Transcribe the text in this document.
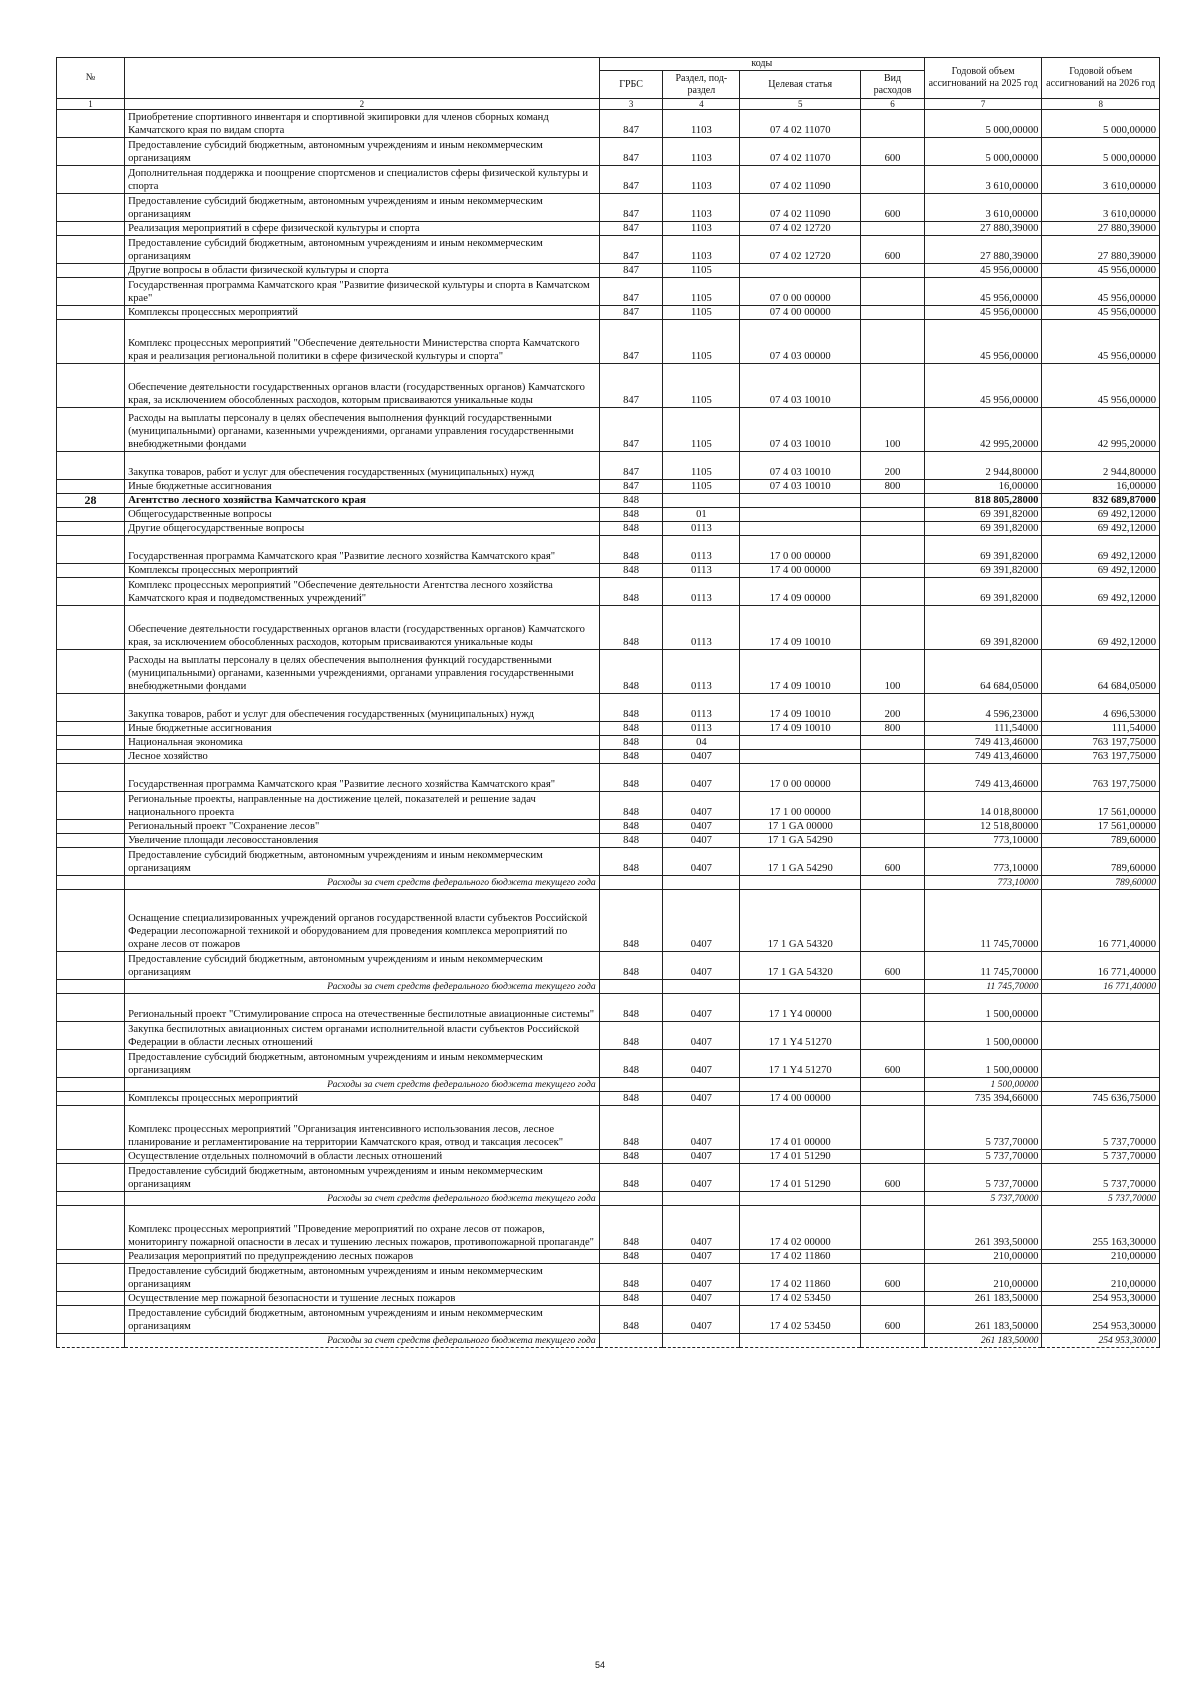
№		коды				Годовой объем ассигнований на 2025 год	Годовой объем ассигнований на 2026 год
		ГРБС	Раздел, под-раздел	Целевая статья	Вид расходов		
1	2	3	4	5	6	7	8
	Приобретение спортивного инвентаря и спортивной экипировки для членов сборных команд Камчатского края по видам спорта	847	1103	07 4 02 11070		5 000,00000	5 000,00000
	Предоставление субсидий бюджетным, автономным учреждениям и иным некоммерческим организациям	847	1103	07 4 02 11070	600	5 000,00000	5 000,00000
	Дополнительная поддержка и поощрение спортсменов и специалистов сферы физической культуры и спорта	847	1103	07 4 02 11090		3 610,00000	3 610,00000
	Предоставление субсидий бюджетным, автономным учреждениям и иным некоммерческим организациям	847	1103	07 4 02 11090	600	3 610,00000	3 610,00000
	Реализация мероприятий в сфере физической культуры и спорта	847	1103	07 4 02 12720		27 880,39000	27 880,39000
	Предоставление субсидий бюджетным, автономным учреждениям и иным некоммерческим организациям	847	1103	07 4 02 12720	600	27 880,39000	27 880,39000
	Другие вопросы в области физической культуры и спорта	847	1105			45 956,00000	45 956,00000
	Государственная программа Камчатского края "Развитие физической культуры и спорта в Камчатском крае"	847	1105	07 0 00 00000		45 956,00000	45 956,00000
	Комплексы процессных мероприятий	847	1105	07 4 00 00000		45 956,00000	45 956,00000
	Комплекс процессных мероприятий "Обеспечение деятельности Министерства спорта Камчатского края и реализация региональной политики в сфере физической культуры и спорта"	847	1105	07 4 03 00000		45 956,00000	45 956,00000
	Обеспечение деятельности государственных органов власти (государственных органов) Камчатского края, за исключением обособленных расходов, которым присваиваются уникальные коды	847	1105	07 4 03 10010		45 956,00000	45 956,00000
	Расходы на выплаты персоналу в целях обеспечения выполнения функций государственными (муниципальными) органами, казенными учреждениями, органами управления государственными внебюджетными фондами	847	1105	07 4 03 10010	100	42 995,20000	42 995,20000
	Закупка товаров, работ и услуг для обеспечения государственных (муниципальных) нужд	847	1105	07 4 03 10010	200	2 944,80000	2 944,80000
	Иные бюджетные ассигнования	847	1105	07 4 03 10010	800	16,00000	16,00000
28	Агентство лесного хозяйства Камчатского края	848				818 805,28000	832 689,87000
	Общегосударственные вопросы	848	01			69 391,82000	69 492,12000
	Другие общегосударственные вопросы	848	0113			69 391,82000	69 492,12000
	Государственная программа Камчатского края "Развитие лесного хозяйства Камчатского края"	848	0113	17 0 00 00000		69 391,82000	69 492,12000
	Комплексы процессных мероприятий	848	0113	17 4 00 00000		69 391,82000	69 492,12000
	Комплекс процессных мероприятий "Обеспечение деятельности Агентства лесного хозяйства Камчатского края и подведомственных учреждений"	848	0113	17 4 09 00000		69 391,82000	69 492,12000
	Обеспечение деятельности государственных органов власти (государственных органов) Камчатского края, за исключением обособленных расходов, которым присваиваются уникальные коды	848	0113	17 4 09 10010		69 391,82000	69 492,12000
	Расходы на выплаты персоналу в целях обеспечения выполнения функций государственными (муниципальными) органами, казенными учреждениями, органами управления государственными внебюджетными фондами	848	0113	17 4 09 10010	100	64 684,05000	64 684,05000
	Закупка товаров, работ и услуг для обеспечения государственных (муниципальных) нужд	848	0113	17 4 09 10010	200	4 596,23000	4 696,53000
	Иные бюджетные ассигнования	848	0113	17 4 09 10010	800	111,54000	111,54000
	Национальная экономика	848	04			749 413,46000	763 197,75000
	Лесное хозяйство	848	0407			749 413,46000	763 197,75000
	Государственная программа Камчатского края "Развитие лесного хозяйства Камчатского края"	848	0407	17 0 00 00000		749 413,46000	763 197,75000
	Региональные проекты, направленные на достижение целей, показателей и решение задач национального проекта	848	0407	17 1 00 00000		14 018,80000	17 561,00000
	Региональный проект "Сохранение лесов"	848	0407	17 1 GA 00000		12 518,80000	17 561,00000
	Увеличение площади лесовосстановления	848	0407	17 1 GA 54290		773,10000	789,60000
	Предоставление субсидий бюджетным, автономным учреждениям и иным некоммерческим организациям	848	0407	17 1 GA 54290	600	773,10000	789,60000
	Расходы за счет средств федерального бюджета текущего года					773,10000	789,60000
	Оснащение специализированных учреждений органов государственной власти субъектов Российской Федерации лесопожарной техникой и оборудованием для проведения комплекса мероприятий по охране лесов от пожаров	848	0407	17 1 GA 54320		11 745,70000	16 771,40000
	Предоставление субсидий бюджетным, автономным учреждениям и иным некоммерческим организациям	848	0407	17 1 GA 54320	600	11 745,70000	16 771,40000
	Расходы за счет средств федерального бюджета текущего года					11 745,70000	16 771,40000
	Региональный проект "Стимулирование спроса на отечественные беспилотные авиационные системы"	848	0407	17 1 Y4 00000		1 500,00000	
	Закупка беспилотных авиационных систем органами исполнительной власти субъектов Российской Федерации в области лесных отношений	848	0407	17 1 Y4 51270		1 500,00000	
	Предоставление субсидий бюджетным, автономным учреждениям и иным некоммерческим организациям	848	0407	17 1 Y4 51270	600	1 500,00000	
	Расходы за счет средств федерального бюджета текущего года					1 500,00000	
	Комплексы процессных мероприятий	848	0407	17 4 00 00000		735 394,66000	745 636,75000
	Комплекс процессных мероприятий "Организация интенсивного использования лесов, лесное планирование и регламентирование на территории Камчатского края, отвод и таксация лесосек"	848	0407	17 4 01 00000		5 737,70000	5 737,70000
	Осуществление отдельных полномочий в области лесных отношений	848	0407	17 4 01 51290		5 737,70000	5 737,70000
	Предоставление субсидий бюджетным, автономным учреждениям и иным некоммерческим организациям	848	0407	17 4 01 51290	600	5 737,70000	5 737,70000
	Расходы за счет средств федерального бюджета текущего года					5 737,70000	5 737,70000
	Комплекс процессных мероприятий "Проведение мероприятий по охране лесов от пожаров, мониторингу пожарной опасности в лесах и тушению лесных пожаров, противопожарной пропаганде"	848	0407	17 4 02 00000		261 393,50000	255 163,30000
	Реализация мероприятий по предупреждению лесных пожаров	848	0407	17 4 02 11860		210,00000	210,00000
	Предоставление субсидий бюджетным, автономным учреждениям и иным некоммерческим организациям	848	0407	17 4 02 11860	600	210,00000	210,00000
	Осуществление мер пожарной безопасности и тушение лесных пожаров	848	0407	17 4 02 53450		261 183,50000	254 953,30000
	Предоставление субсидий бюджетным, автономным учреждениям и иным некоммерческим организациям	848	0407	17 4 02 53450	600	261 183,50000	254 953,30000
	Расходы за счет средств федерального бюджета текущего года					261 183,50000	254 953,30000
54
